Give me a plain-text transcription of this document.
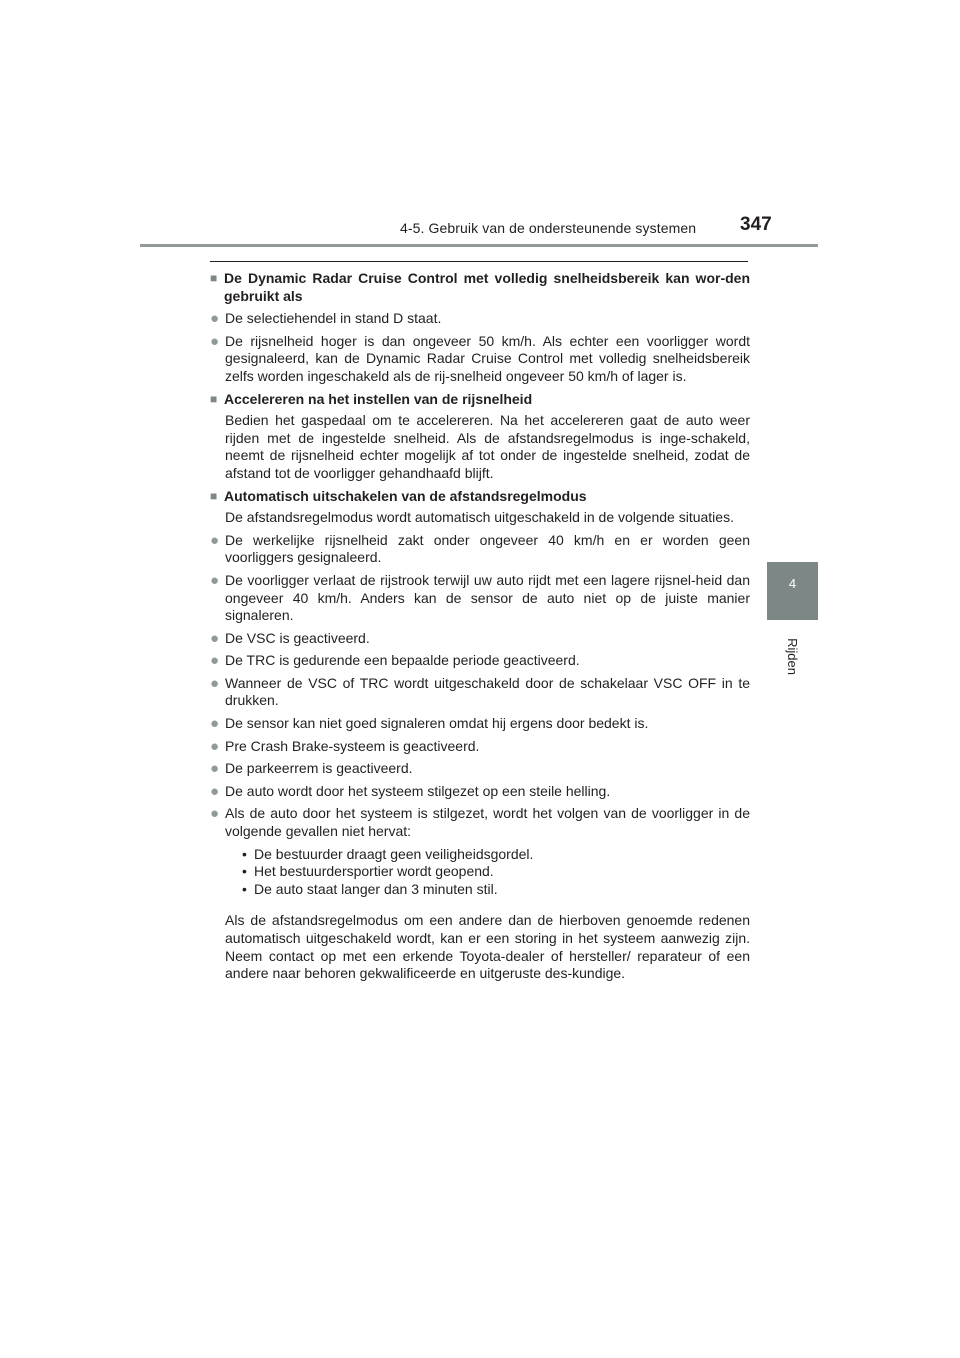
4-5. Gebruik van de ondersteunende systemen 347
4
Rijden
■ De Dynamic Radar Cruise Control met volledig snelheidsbereik kan wor-den gebruikt als
● De selectiehendel in stand D staat.
● De rijsnelheid hoger is dan ongeveer 50 km/h. Als echter een voorligger wordt gesignaleerd, kan de Dynamic Radar Cruise Control met volledig snelheidsbereik zelfs worden ingeschakeld als de rij-snelheid ongeveer 50 km/h of lager is.
■ Accelereren na het instellen van de rijsnelheid
Bedien het gaspedaal om te accelereren. Na het accelereren gaat de auto weer rijden met de ingestelde snelheid. Als de afstandsregelmodus is inge-schakeld, neemt de rijsnelheid echter mogelijk af tot onder de ingestelde snelheid, zodat de afstand tot de voorligger gehandhaafd blijft.
■ Automatisch uitschakelen van de afstandsregelmodus
De afstandsregelmodus wordt automatisch uitgeschakeld in de volgende situaties.
● De werkelijke rijsnelheid zakt onder ongeveer 40 km/h en er worden geen voorliggers gesignaleerd.
● De voorligger verlaat de rijstrook terwijl uw auto rijdt met een lagere rijsnel-heid dan ongeveer 40 km/h. Anders kan de sensor de auto niet op de juiste manier signaleren.
● De VSC is geactiveerd.
● De TRC is gedurende een bepaalde periode geactiveerd.
● Wanneer de VSC of TRC wordt uitgeschakeld door de schakelaar VSC OFF in te drukken.
● De sensor kan niet goed signaleren omdat hij ergens door bedekt is.
● Pre Crash Brake-systeem is geactiveerd.
● De parkeerrem is geactiveerd.
● De auto wordt door het systeem stilgezet op een steile helling.
● Als de auto door het systeem is stilgezet, wordt het volgen van de voorligger in de volgende gevallen niet hervat:
• De bestuurder draagt geen veiligheidsgordel.
• Het bestuurdersportier wordt geopend.
• De auto staat langer dan 3 minuten stil.
Als de afstandsregelmodus om een andere dan de hierboven genoemde redenen automatisch uitgeschakeld wordt, kan er een storing in het systeem aanwezig zijn. Neem contact op met een erkende Toyota-dealer of hersteller/ reparateur of een andere naar behoren gekwalificeerde en uitgeruste des-kundige.
